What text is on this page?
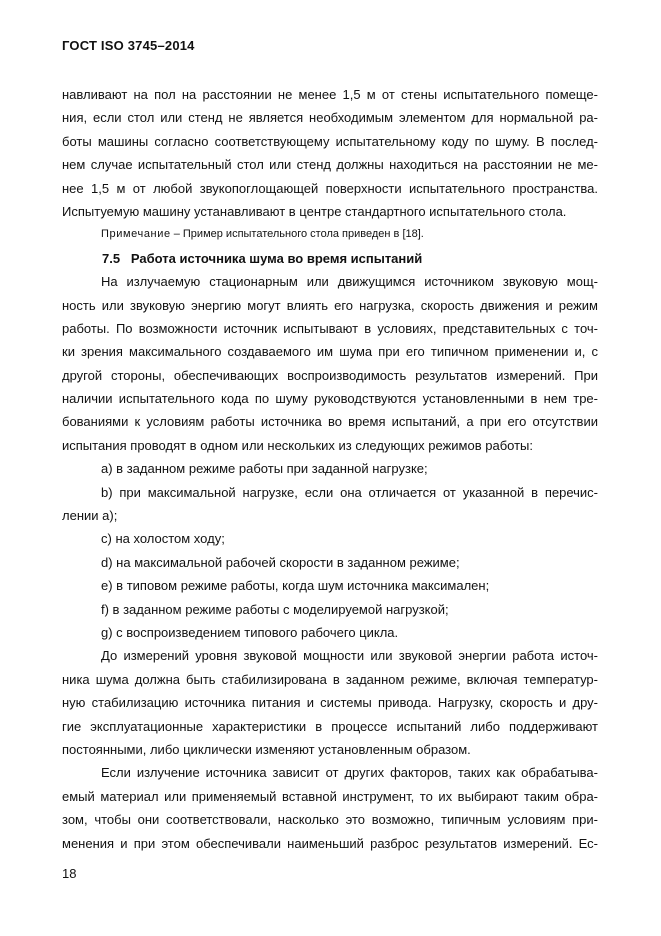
ГОСТ ISO 3745–2014
навливают на пол на расстоянии не менее 1,5 м от стены испытательного помеще-
ния, если стол или стенд не является необходимым элементом для нормальной ра-
боты машины согласно соответствующему испытательному коду по шуму. В послед-
нем случае испытательный стол или стенд должны находиться на расстоянии не ме-
нее 1,5 м от любой звукопоглощающей поверхности испытательного пространства.
Испытуемую машину устанавливают в центре стандартного испытательного стола.
Примечание – Пример испытательного стола приведен в [18].
7.5 Работа источника шума во время испытаний
На излучаемую стационарным или движущимся источником звуковую мощ-
ность или звуковую энергию могут влиять его нагрузка, скорость движения и режим
работы. По возможности источник испытывают в условиях, представительных с точ-
ки зрения максимального создаваемого им шума при его типичном применении и, с
другой стороны, обеспечивающих воспроизводимость результатов измерений. При
наличии испытательного кода по шуму руководствуются установленными в нем тре-
бованиями к условиям работы источника во время испытаний, а при его отсутствии
испытания проводят в одном или нескольких из следующих режимов работы:
a) в заданном режиме работы при заданной нагрузке;
b) при максимальной нагрузке, если она отличается от указанной в перечис-
лении а);
c) на холостом ходу;
d) на максимальной рабочей скорости в заданном режиме;
e) в типовом режиме работы, когда шум источника максимален;
f) в заданном режиме работы с моделируемой нагрузкой;
g) с воспроизведением типового рабочего цикла.
До измерений уровня звуковой мощности или звуковой энергии работа источ-
ника шума должна быть стабилизирована в заданном режиме, включая температур-
ную стабилизацию источника питания и системы привода. Нагрузку, скорость и дру-
гие эксплуатационные характеристики в процессе испытаний либо поддерживают
постоянными, либо циклически изменяют установленным образом.
Если излучение источника зависит от других факторов, таких как обрабатыва-
емый материал или применяемый вставной инструмент, то их выбирают таким обра-
зом, чтобы они соответствовали, насколько это возможно, типичным условиям при-
менения и при этом обеспечивали наименьший разброс результатов измерений. Ес-
18
